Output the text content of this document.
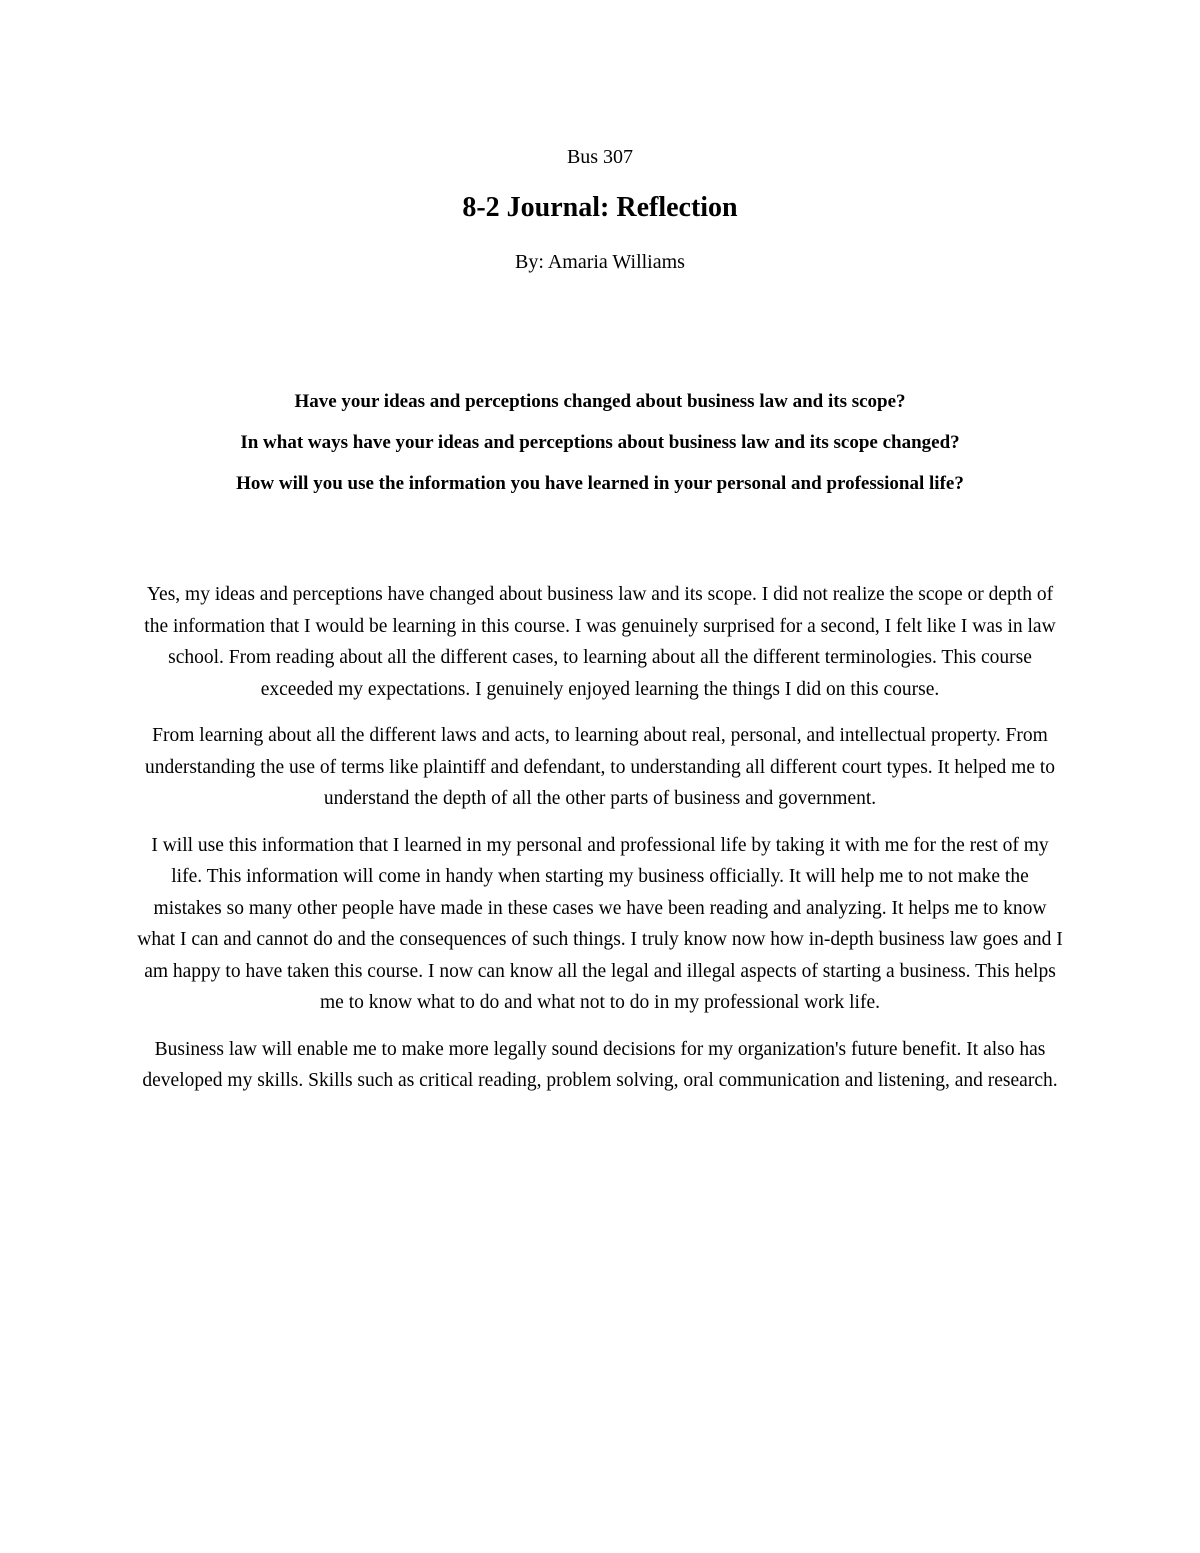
Bus 307
8-2 Journal: Reflection
By: Amaria Williams

Have your ideas and perceptions changed about business law and its scope?

In what ways have your ideas and perceptions about business law and its scope changed?

How will you use the information you have learned in your personal and professional life?

Yes, my ideas and perceptions have changed about business law and its scope. I did not realize the scope or depth of the information that I would be learning in this course. I was genuinely surprised for a second, I felt like I was in law school. From reading about all the different cases, to learning about all the different terminologies. This course exceeded my expectations. I genuinely enjoyed learning the things I did on this course.

From learning about all the different laws and acts, to learning about real, personal, and intellectual property. From understanding the use of terms like plaintiff and defendant, to understanding all different court types. It helped me to understand the depth of all the other parts of business and government.

I will use this information that I learned in my personal and professional life by taking it with me for the rest of my life. This information will come in handy when starting my business officially. It will help me to not make the mistakes so many other people have made in these cases we have been reading and analyzing. It helps me to know what I can and cannot do and the consequences of such things. I truly know now how in-depth business law goes and I am happy to have taken this course. I now can know all the legal and illegal aspects of starting a business. This helps me to know what to do and what not to do in my professional work life.

Business law will enable me to make more legally sound decisions for my organization's future benefit. It also has developed my skills. Skills such as critical reading, problem solving, oral communication and listening, and research.
